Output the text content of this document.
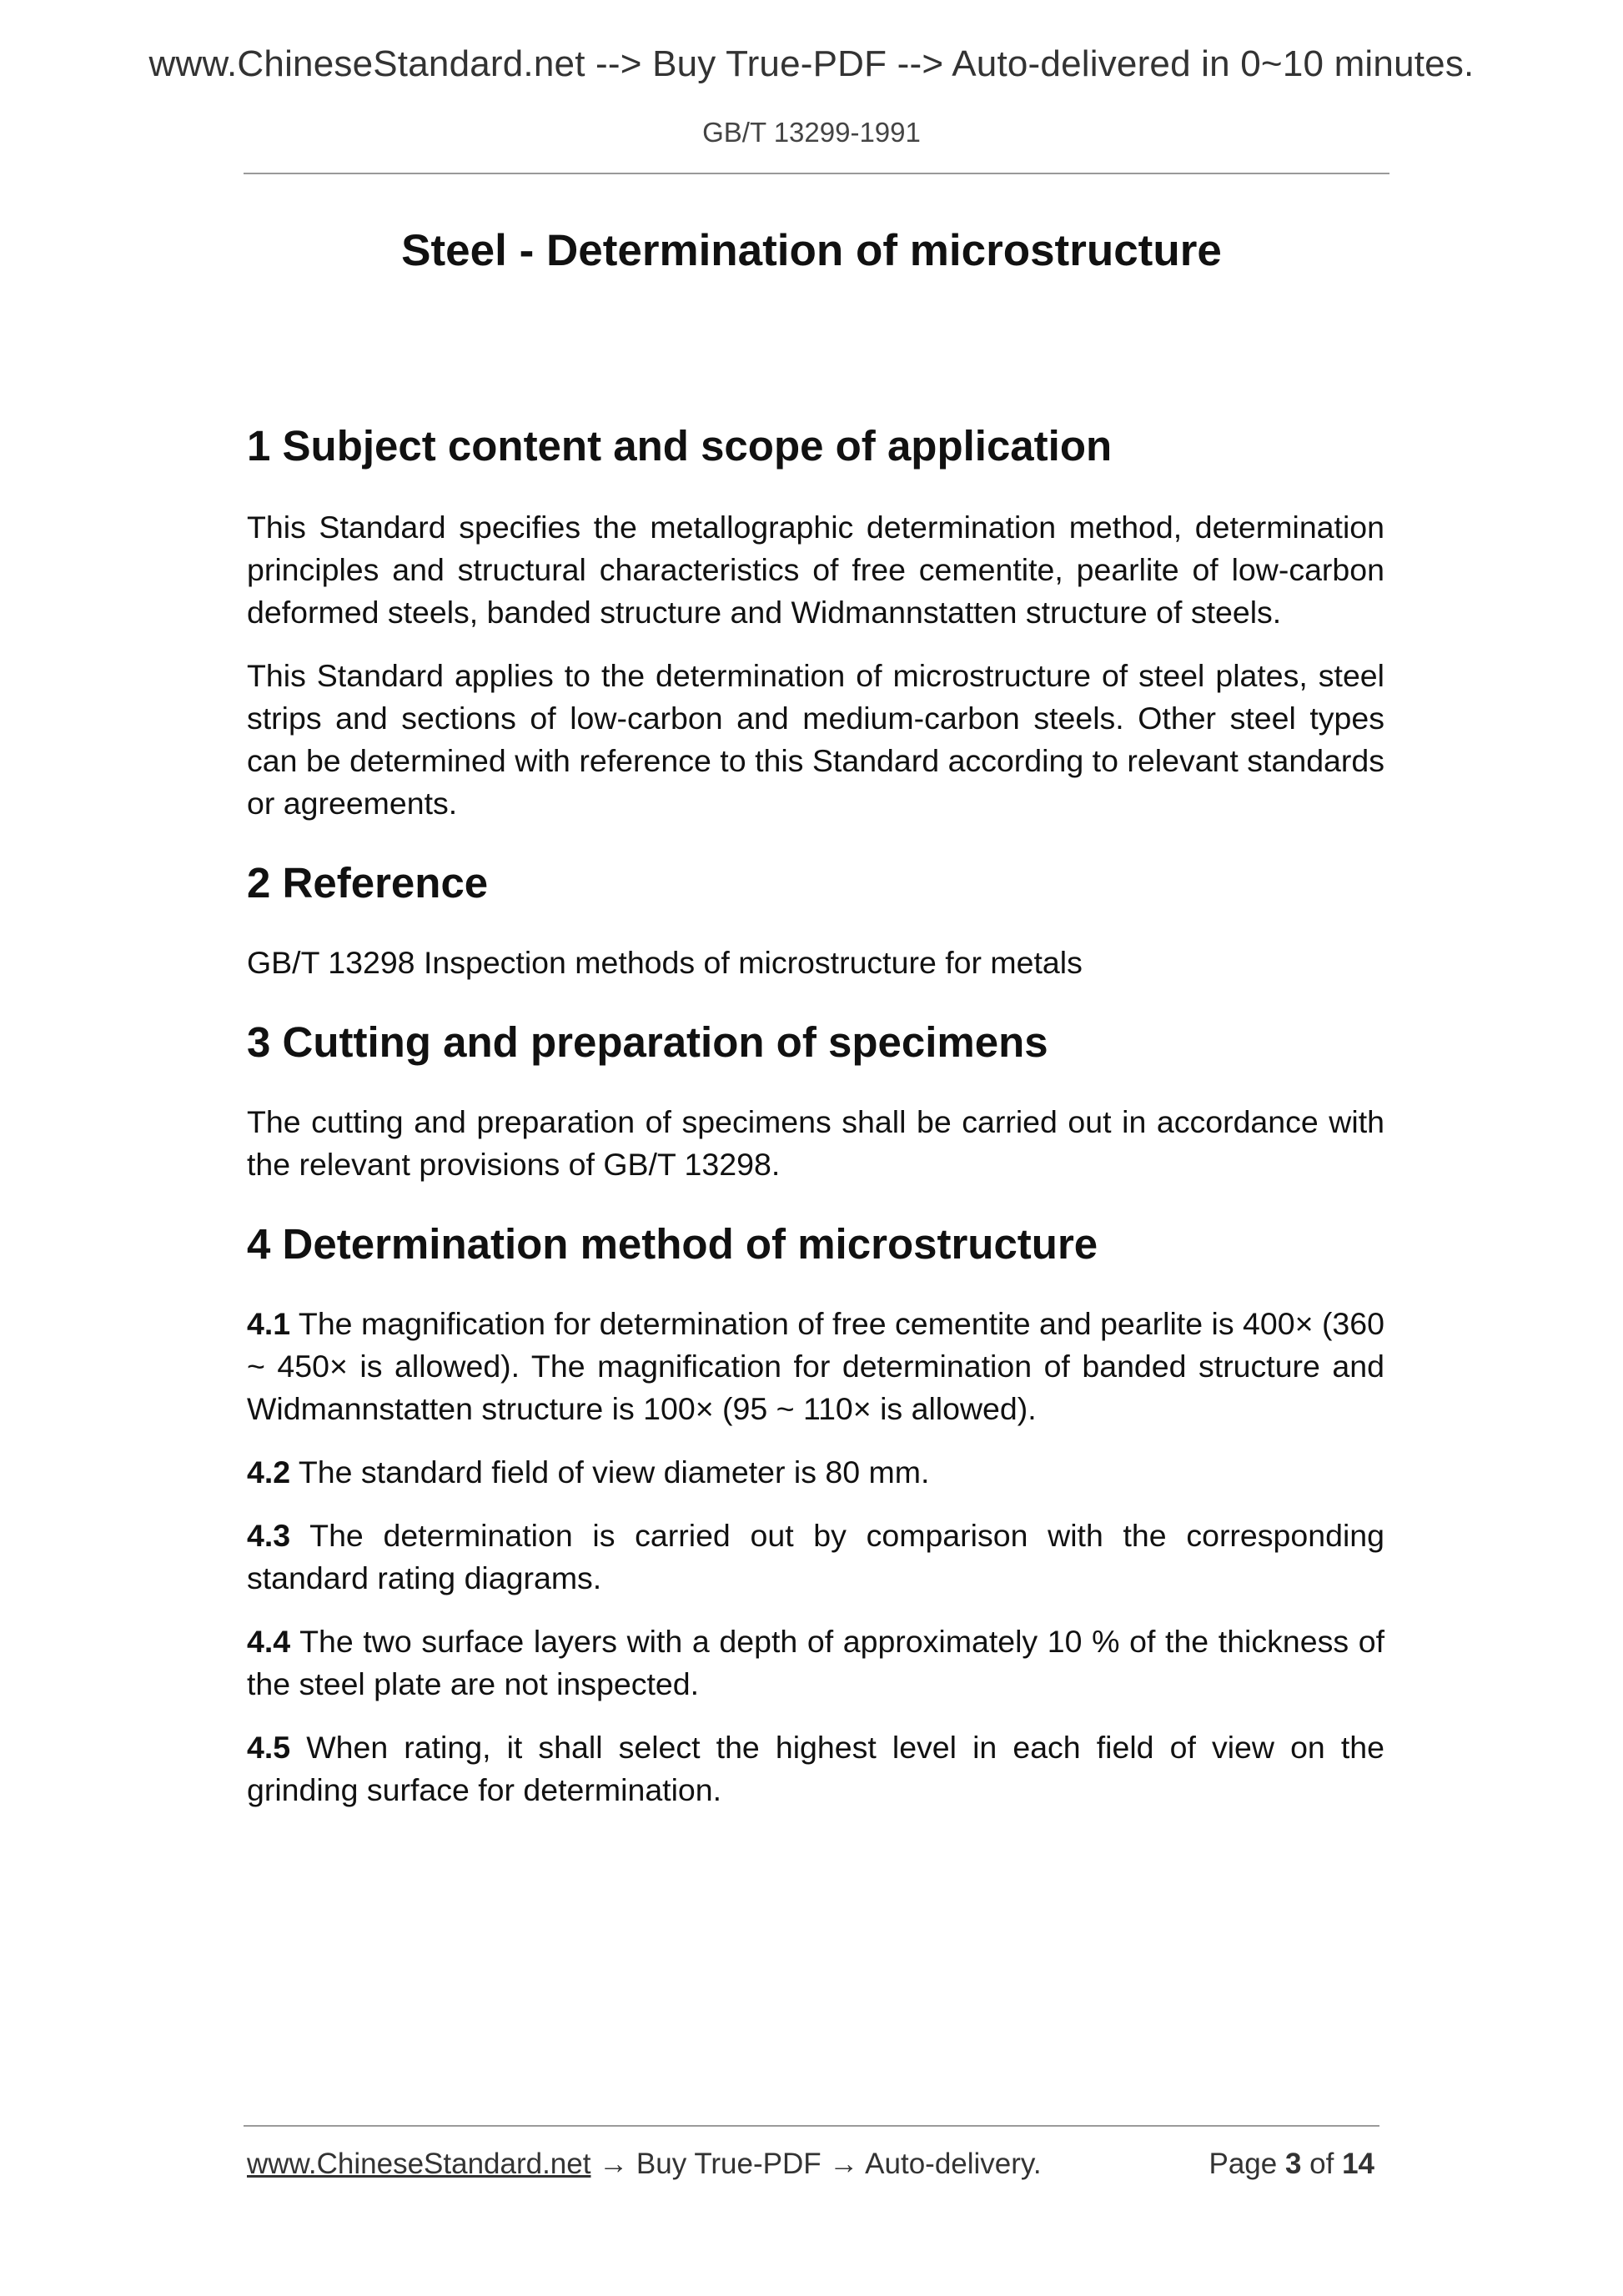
www.ChineseStandard.net --> Buy True-PDF --> Auto-delivered in 0~10 minutes.
GB/T 13299-1991
Steel - Determination of microstructure
1 Subject content and scope of application

This Standard specifies the metallographic determination method, determination principles and structural characteristics of free cementite, pearlite of low-carbon deformed steels, banded structure and Widmannstatten structure of steels.

This Standard applies to the determination of microstructure of steel plates, steel strips and sections of low-carbon and medium-carbon steels. Other steel types can be determined with reference to this Standard according to relevant standards or agreements.

2 Reference

GB/T 13298 Inspection methods of microstructure for metals

3 Cutting and preparation of specimens

The cutting and preparation of specimens shall be carried out in accordance with the relevant provisions of GB/T 13298.

4 Determination method of microstructure

4.1 The magnification for determination of free cementite and pearlite is 400× (360 ~ 450× is allowed). The magnification for determination of banded structure and Widmannstatten structure is 100× (95 ~ 110× is allowed).

4.2 The standard field of view diameter is 80 mm.

4.3 The determination is carried out by comparison with the corresponding standard rating diagrams.

4.4 The two surface layers with a depth of approximately 10 % of the thickness of the steel plate are not inspected.

4.5 When rating, it shall select the highest level in each field of view on the grinding surface for determination.

www.ChineseStandard.net → Buy True-PDF → Auto-delivery.	Page 3 of 14
